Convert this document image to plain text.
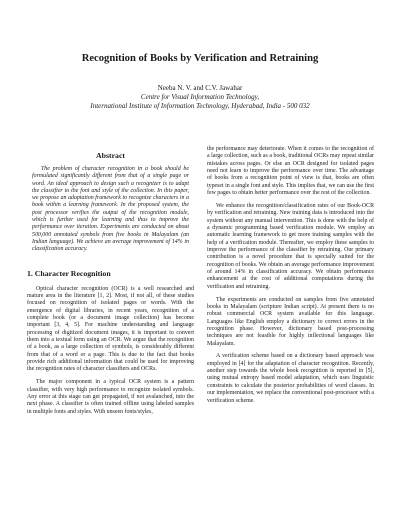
Recognition of Books by Verification and Retraining
Neeba N. V. and C.V. Jawahar
Centre for Visual Information Technology,
International Institute of Information Technology, Hyderabad, India - 500 032
Abstract

The problem of character recognition in a book should be formulated significantly different from that of a single page or word. An ideal approach to design such a recognizer is to adapt the classifier to the font and style of the collection. In this paper, we propose an adaptation framework to recognize characters in a book within a learning framework. In the proposed system, the post processor verifies the output of the recognition module, which is further used for learning and thus to improve the performance over iteration. Experiments are conducted on about 500,000 annotated symbols from five books in Malayalam (an Indian language). We achieve an average improvement of 14% in classification accuracy.

1. Character Recognition

Optical character recognition (OCR) is a well researched and mature area in the literature [1, 2]. Most, if not all, of these studies focused on recognition of isolated pages or words. With the emergence of digital libraries, in recent years, recognition of a complete book (or a document image collection) has become important [3, 4, 5]. For machine understanding and language processing of digitized document images, it is important to convert them into a textual form using an OCR. We argue that the recognition of a book, as a large collection of symbols, is considerably different from that of a word or a page. This is due to the fact that books provide rich additional information that could be used for improving the recognition rates of character classifiers and OCRs.

The major component in a typical OCR system is a pattern classifier, with very high performance to recognize isolated symbols. Any error at this stage can get propagated, if not avalanched, into the next phase. A classifier is often trained offline using labeled samples in multiple fonts and styles. With unseen fonts/styles,

the performance may deteriorate. When it comes to the recognition of a large collection, such as a book, traditional OCRs may repeat similar mistakes across pages. Or else an OCR designed for isolated pages need not learn to improve the performance over time. The advantage of books from a recognition point of view is that, books are often typeset in a single font and style. This implies that, we can use the first few pages to obtain better performance over the rest of the collection.

We enhance the recognition/classification rates of our Book-OCR by verification and retraining. New training data is introduced into the system without any manual intervention. This is done with the help of a dynamic programming based verification module. We employ an automatic learning framework to get more training samples with the help of a verification module. Thereafter, we employ these samples to improve the performance of the classifier by retraining. Our primary contribution is a novel procedure that is specially suited for the recognition of books. We obtain an average performance improvement of around 14% in classification accuracy. We obtain performance enhancement at the cost of additional computations during the verification and retraining.

The experiments are conducted on samples from five annotated books in Malayalam (scripture Indian script). At present there is no robust commercial OCR system available for this language. Languages like English employ a dictionary to correct errors in the recognition phase. However, dictionary based post-processing techniques are not feasible for highly inflectional languages like Malayalam.

A verification scheme based on a dictionary based approach was employed in [4] for the adaptation of character recognition. Recently, another step towards the whole book recognition is reported in [5], using mutual entropy based model adaptation, which uses linguistic constraints to calculate the posterior probabilities of word classes. In our implementation, we replace the conventional post-processor with a verification scheme.
